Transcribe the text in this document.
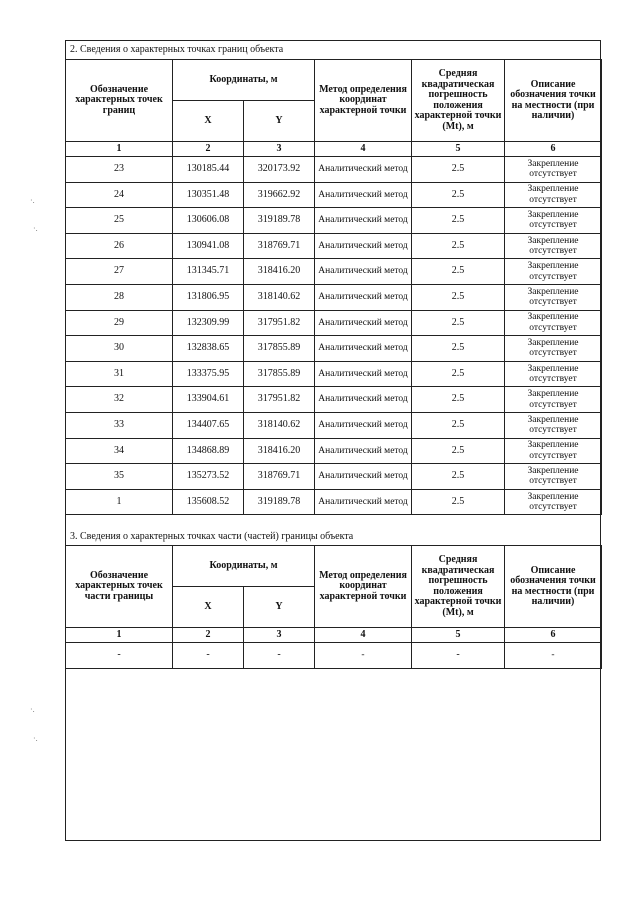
2. Сведения о характерных точках границ объекта
Обозначение характерных точек границ	Координаты, м		Метод определения координат характерной точки	Средняя квадратическая погрешность положения характерной точки (Mt), м	Описание обозначения точки на местности (при наличии)
	X	Y			
1	2	3	4	5	6
23	130185.44	320173.92	Аналитический метод	2.5	Закрепление отсутствует
24	130351.48	319662.92	Аналитический метод	2.5	Закрепление отсутствует
25	130606.08	319189.78	Аналитический метод	2.5	Закрепление отсутствует
26	130941.08	318769.71	Аналитический метод	2.5	Закрепление отсутствует
27	131345.71	318416.20	Аналитический метод	2.5	Закрепление отсутствует
28	131806.95	318140.62	Аналитический метод	2.5	Закрепление отсутствует
29	132309.99	317951.82	Аналитический метод	2.5	Закрепление отсутствует
30	132838.65	317855.89	Аналитический метод	2.5	Закрепление отсутствует
31	133375.95	317855.89	Аналитический метод	2.5	Закрепление отсутствует
32	133904.61	317951.82	Аналитический метод	2.5	Закрепление отсутствует
33	134407.65	318140.62	Аналитический метод	2.5	Закрепление отсутствует
34	134868.89	318416.20	Аналитический метод	2.5	Закрепление отсутствует
35	135273.52	318769.71	Аналитический метод	2.5	Закрепление отсутствует
1	135608.52	319189.78	Аналитический метод	2.5	Закрепление отсутствует
3. Сведения о характерных точках части (частей) границы объекта
Обозначение характерных точек части границы	Координаты, м		Метод определения координат характерной точки	Средняя квадратическая погрешность положения характерной точки (Mt), м	Описание обозначения точки на местности (при наличии)
	X	Y			
1	2	3	4	5	6
-	-	-	-	-	-
·.
·.
·.
·.
